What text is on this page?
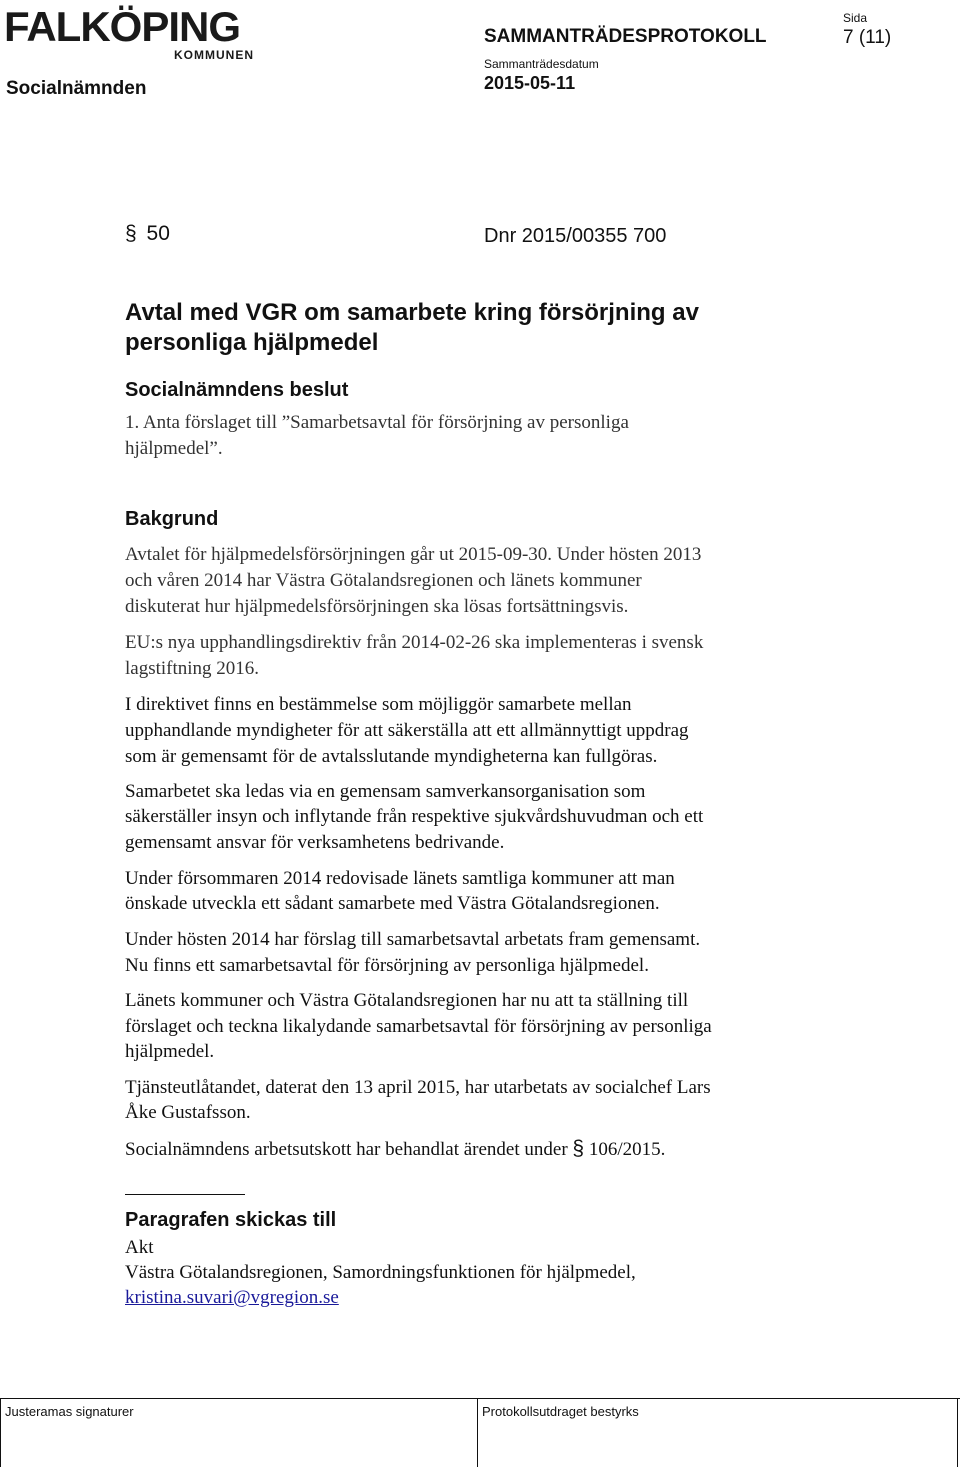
FALKÖPING
KOMMUNEN
Socialnämnden
SAMMANTRÄDESPROTOKOLL
Sammanträdesdatum
2015-05-11
Sida
7 (11)
§ 50	Dnr 2015/00355 700
Avtal med VGR om samarbete kring försörjning av
personliga hjälpmedel
Socialnämndens beslut
1. Anta förslaget till ”Samarbetsavtal för försörjning av personliga
hjälpmedel”.
Bakgrund
Avtalet för hjälpmedelsförsörjningen går ut 2015-09-30. Under hösten 2013
och våren 2014 har Västra Götalandsregionen och länets kommuner
diskuterat hur hjälpmedelsförsörjningen ska lösas fortsättningsvis.
EU:s nya upphandlingsdirektiv från 2014-02-26 ska implementeras i svensk
lagstiftning 2016.
I direktivet finns en bestämmelse som möjliggör samarbete mellan
upphandlande myndigheter för att säkerställa att ett allmännyttigt uppdrag
som är gemensamt för de avtalsslutande myndigheterna kan fullgöras.
Samarbetet ska ledas via en gemensam samverkansorganisation som
säkerställer insyn och inflytande från respektive sjukvårdshuvudman och ett
gemensamt ansvar för verksamhetens bedrivande.
Under försommaren 2014 redovisade länets samtliga kommuner att man
önskade utveckla ett sådant samarbete med Västra Götalandsregionen.
Under hösten 2014 har förslag till samarbetsavtal arbetats fram gemensamt.
Nu finns ett samarbetsavtal för försörjning av personliga hjälpmedel.
Länets kommuner och Västra Götalandsregionen har nu att ta ställning till
förslaget och teckna likalydande samarbetsavtal för försörjning av personliga
hjälpmedel.
Tjänsteutlåtandet, daterat den 13 april 2015, har utarbetats av socialchef Lars
Åke Gustafsson.
Socialnämndens arbetsutskott har behandlat ärendet under § 106/2015.
Paragrafen skickas till
Akt
Västra Götalandsregionen, Samordningsfunktionen för hjälpmedel,
kristina.suvari@vgregion.se
Justeramas signaturer	Protokollsutdraget bestyrks
